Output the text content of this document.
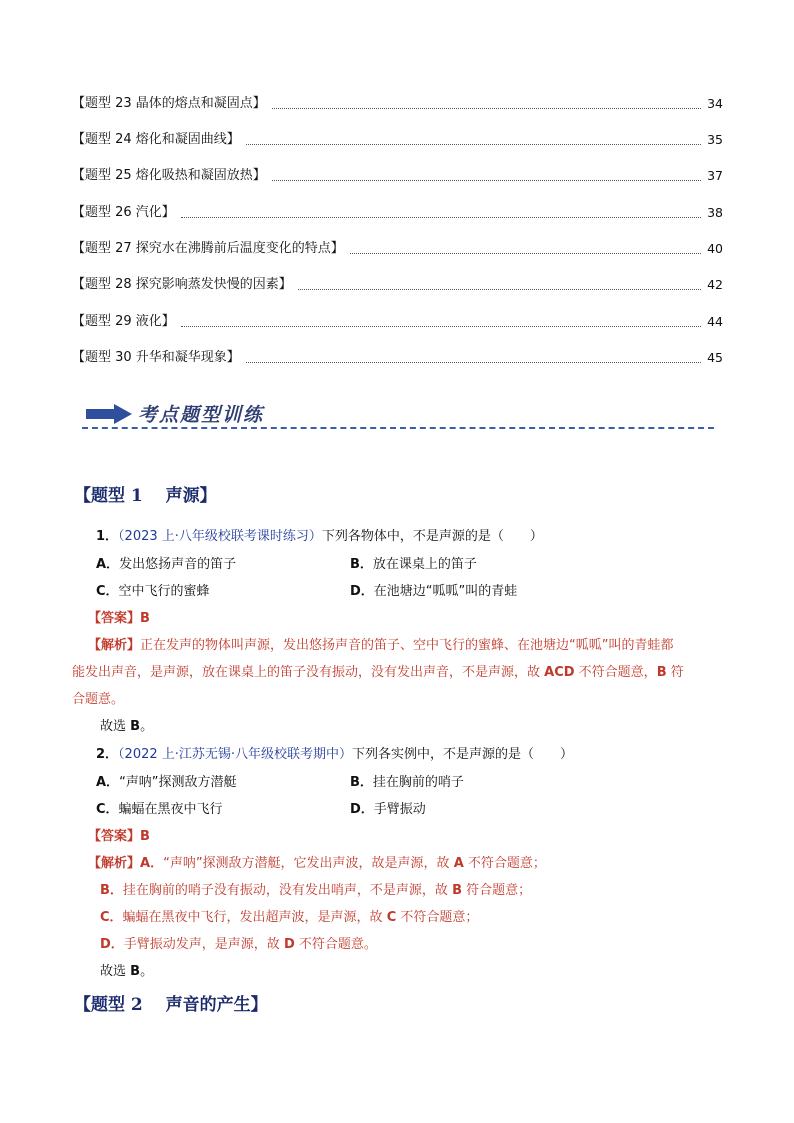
【题型 23 晶体的熔点和凝固点】	34
【题型 24 熔化和凝固曲线】	35
【题型 25 熔化吸热和凝固放热】	37
【题型 26 汽化】	38
【题型 27 探究水在沸腾前后温度变化的特点】	40
【题型 28 探究影响蒸发快慢的因素】	42
【题型 29 液化】	44
【题型 30 升华和凝华现象】	45
考点题型训练
【题型 1　 声源】
1．（2023 上·八年级校联考课时练习）下列各物体中，不是声源的是（　　）
A．发出悠扬声音的笛子	B．放在课桌上的笛子
C．空中飞行的蜜蜂	D．在池塘边“呱呱”叫的青蛙
【答案】B
【解析】正在发声的物体叫声源，发出悠扬声音的笛子、空中飞行的蜜蜂、在池塘边“呱呱”叫的青蛙都
能发出声音，是声源，放在课桌上的笛子没有振动，没有发出声音，不是声源，故 ACD 不符合题意，B 符
合题意。
故选 B。
2．（2022 上·江苏无锡·八年级校联考期中）下列各实例中，不是声源的是（　　）
A．“声呐”探测敌方潜艇	B．挂在胸前的哨子
C．蝙蝠在黑夜中飞行	D．手臂振动
【答案】B
【解析】A．“声呐”探测敌方潜艇，它发出声波，故是声源，故 A 不符合题意；
B．挂在胸前的哨子没有振动，没有发出哨声，不是声源，故 B 符合题意；
C．蝙蝠在黑夜中飞行，发出超声波，是声源，故 C 不符合题意；
D．手臂振动发声，是声源，故 D 不符合题意。
故选 B。
【题型 2　 声音的产生】
